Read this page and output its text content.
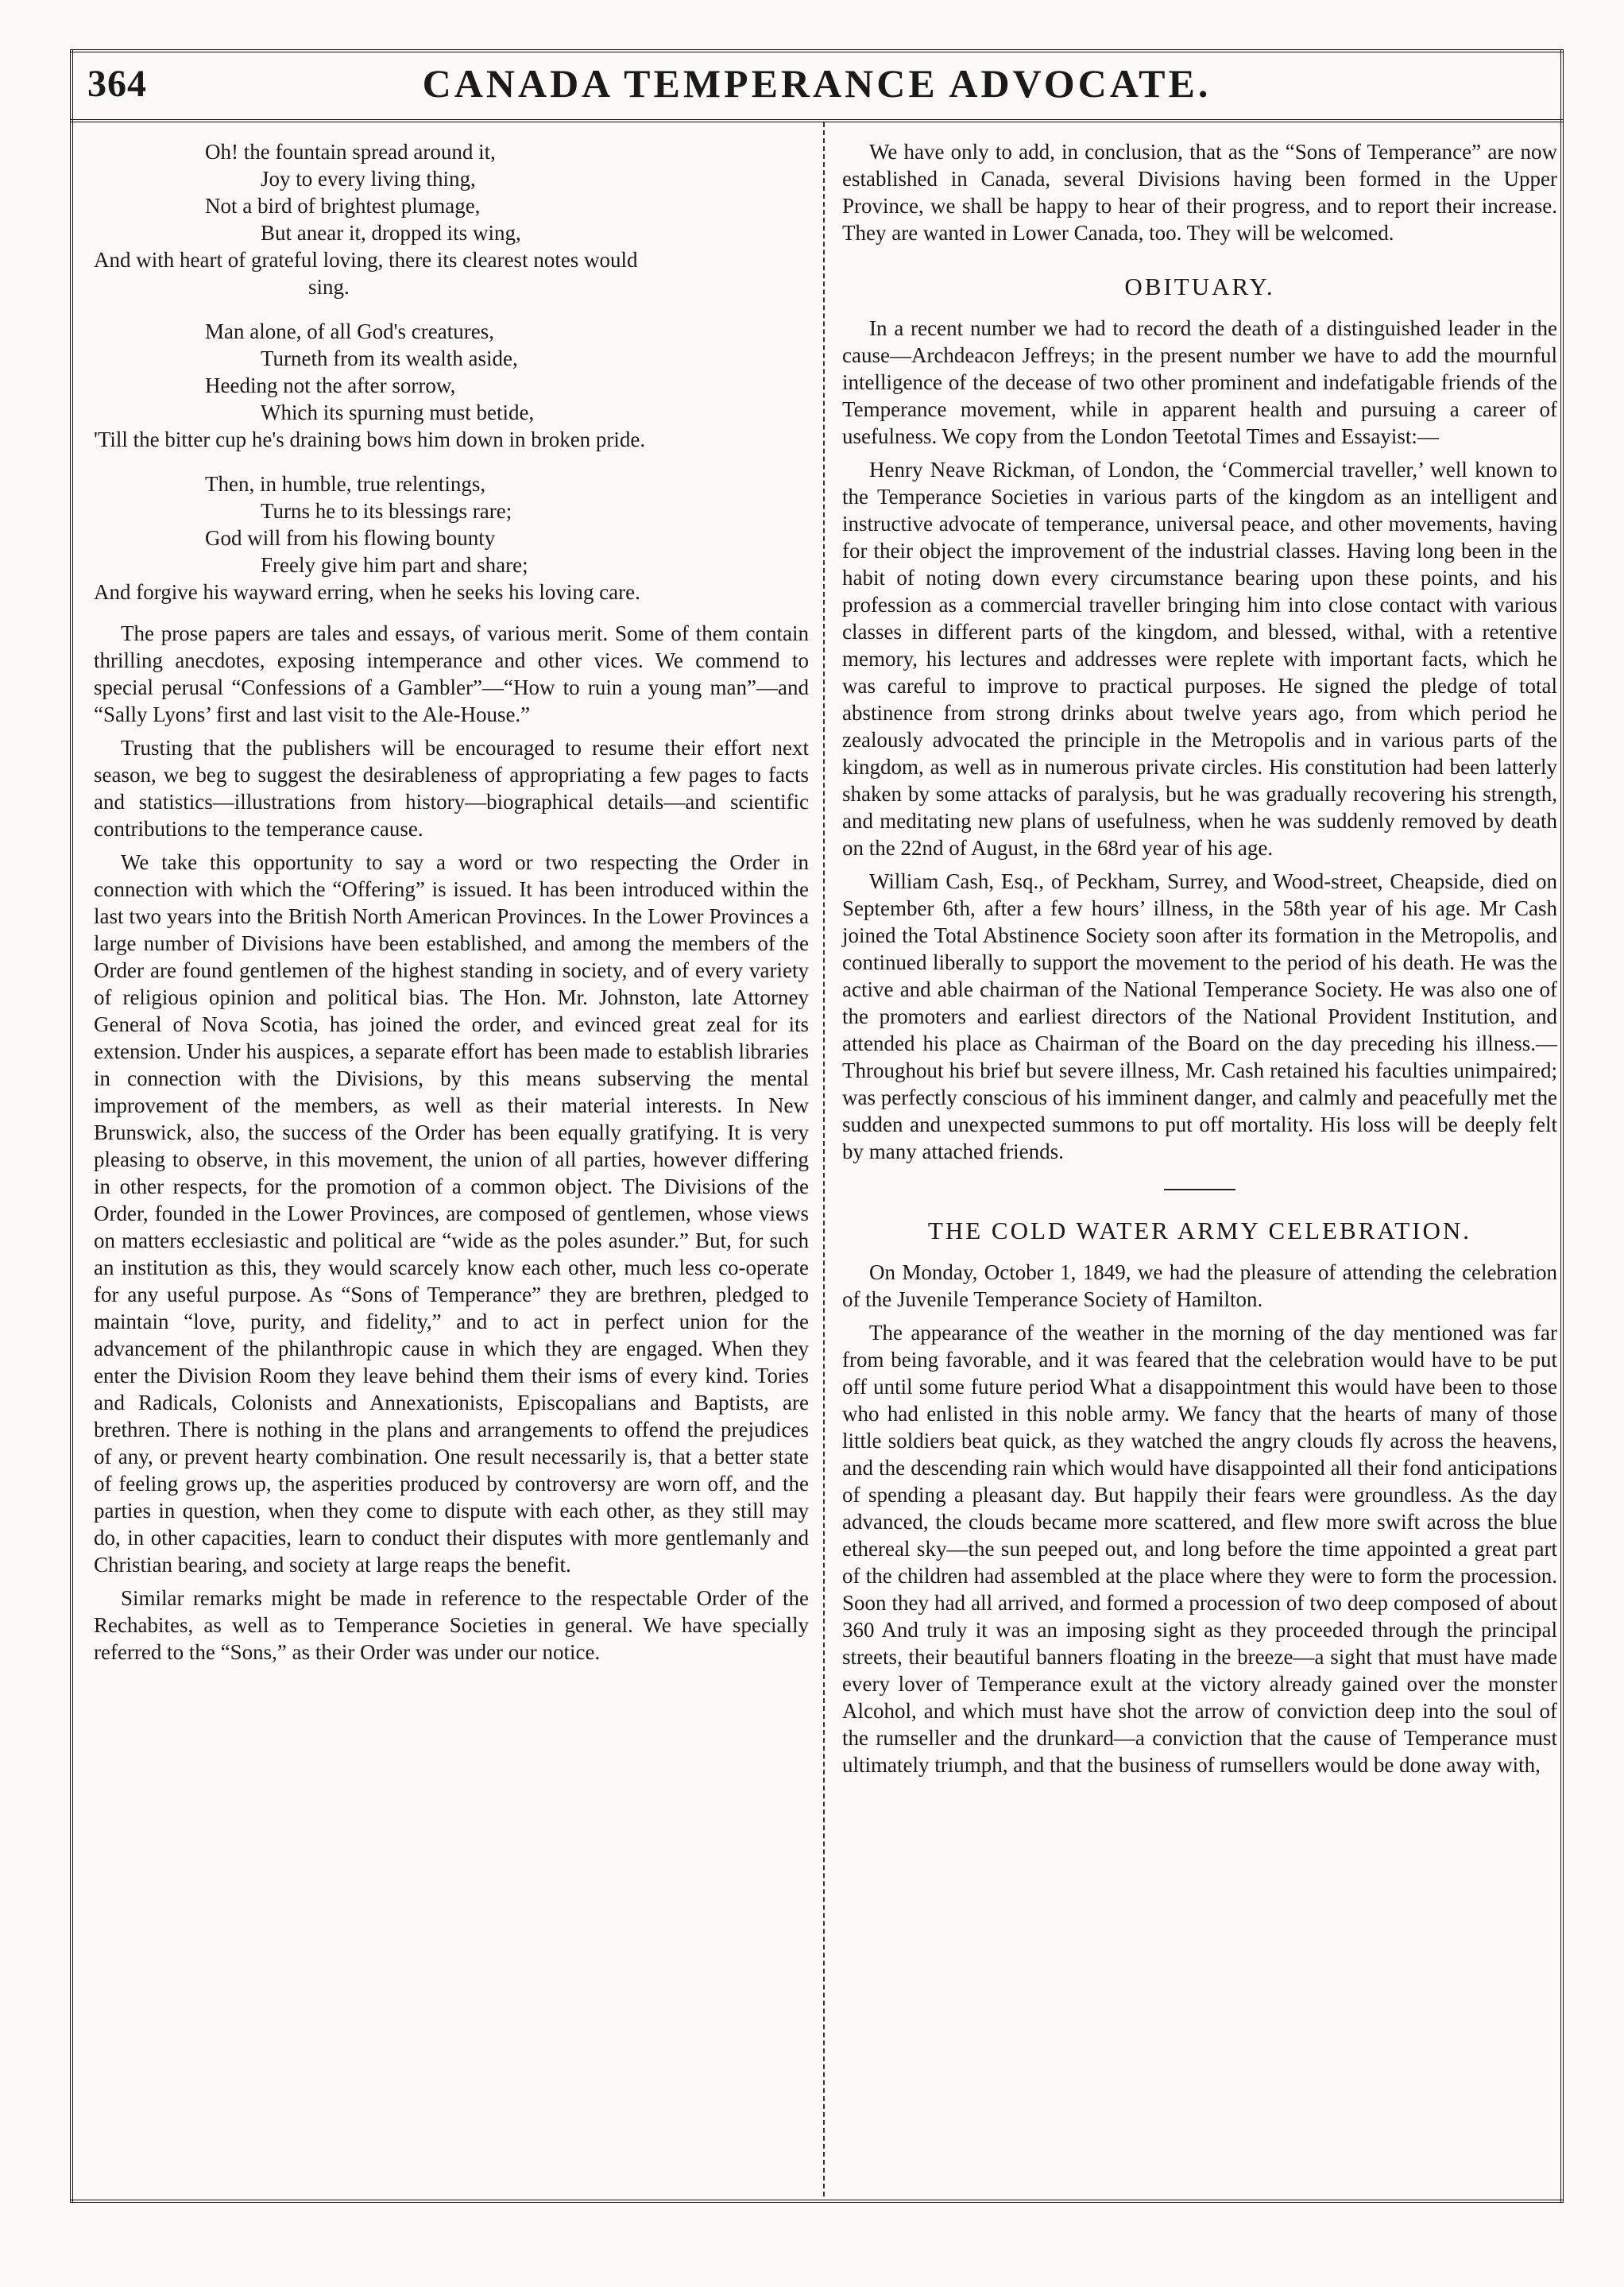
364	CANADA TEMPERANCE ADVOCATE.
Oh! the fountain spread around it,
Joy to every living thing,
Not a bird of brightest plumage,
But anear it, dropped its wing,
And with heart of grateful loving, there its clearest notes would
sing.
Man alone, of all God's creatures,
Turneth from its wealth aside,
Heeding not the after sorrow,
Which its spurning must betide,
'Till the bitter cup he's draining bows him down in broken pride.
Then, in humble, true relentings,
Turns he to its blessings rare;
God will from his flowing bounty
Freely give him part and share;
And forgive his wayward erring, when he seeks his loving care.

The prose papers are tales and essays, of various merit. Some of them contain thrilling anecdotes, exposing intemperance and other vices. We commend to special perusal “Confessions of a Gambler”—“How to ruin a young man”—and “Sally Lyons’ first and last visit to the Ale-House.”

Trusting that the publishers will be encouraged to resume their effort next season, we beg to suggest the desirableness of appropriating a few pages to facts and statistics—illustrations from history—biographical details—and scientific contributions to the temperance cause.

We take this opportunity to say a word or two respecting the Order in connection with which the “Offering” is issued. It has been introduced within the last two years into the British North American Provinces. In the Lower Provinces a large number of Divisions have been established, and among the members of the Order are found gentlemen of the highest standing in society, and of every variety of religious opinion and political bias. The Hon. Mr. Johnston, late Attorney General of Nova Scotia, has joined the order, and evinced great zeal for its extension. Under his auspices, a separate effort has been made to establish libraries in connection with the Divisions, by this means subserving the mental improvement of the members, as well as their material interests. In New Brunswick, also, the success of the Order has been equally gratifying. It is very pleasing to observe, in this movement, the union of all parties, however differing in other respects, for the promotion of a common object. The Divisions of the Order, founded in the Lower Provinces, are composed of gentlemen, whose views on matters ecclesiastic and political are “wide as the poles asunder.” But, for such an institution as this, they would scarcely know each other, much less co-operate for any useful purpose. As “Sons of Temperance” they are brethren, pledged to maintain “love, purity, and fidelity,” and to act in perfect union for the advancement of the philanthropic cause in which they are engaged. When they enter the Division Room they leave behind them their isms of every kind. Tories and Radicals, Colonists and Annexationists, Episcopalians and Baptists, are brethren. There is nothing in the plans and arrangements to offend the prejudices of any, or prevent hearty combination. One result necessarily is, that a better state of feeling grows up, the asperities produced by controversy are worn off, and the parties in question, when they come to dispute with each other, as they still may do, in other capacities, learn to conduct their disputes with more gentlemanly and Christian bearing, and society at large reaps the benefit.

Similar remarks might be made in reference to the respectable Order of the Rechabites, as well as to Temperance Societies in general. We have specially referred to the “Sons,” as their Order was under our notice.

We have only to add, in conclusion, that as the “Sons of Temperance” are now established in Canada, several Divisions having been formed in the Upper Province, we shall be happy to hear of their progress, and to report their increase. They are wanted in Lower Canada, too. They will be welcomed.

OBITUARY.

In a recent number we had to record the death of a distinguished leader in the cause—Archdeacon Jeffreys; in the present number we have to add the mournful intelligence of the decease of two other prominent and indefatigable friends of the Temperance movement, while in apparent health and pursuing a career of usefulness. We copy from the London Teetotal Times and Essayist:—

Henry Neave Rickman, of London, the ‘Commercial traveller,’ well known to the Temperance Societies in various parts of the kingdom as an intelligent and instructive advocate of temperance, universal peace, and other movements, having for their object the improvement of the industrial classes. Having long been in the habit of noting down every circumstance bearing upon these points, and his profession as a commercial traveller bringing him into close contact with various classes in different parts of the kingdom, and blessed, withal, with a retentive memory, his lectures and addresses were replete with important facts, which he was careful to improve to practical purposes. He signed the pledge of total abstinence from strong drinks about twelve years ago, from which period he zealously advocated the principle in the Metropolis and in various parts of the kingdom, as well as in numerous private circles. His constitution had been latterly shaken by some attacks of paralysis, but he was gradually recovering his strength, and meditating new plans of usefulness, when he was suddenly removed by death on the 22nd of August, in the 68rd year of his age.

William Cash, Esq., of Peckham, Surrey, and Wood-street, Cheapside, died on September 6th, after a few hours’ illness, in the 58th year of his age. Mr Cash joined the Total Abstinence Society soon after its formation in the Metropolis, and continued liberally to support the movement to the period of his death. He was the active and able chairman of the National Temperance Society. He was also one of the promoters and earliest directors of the National Provident Institution, and attended his place as Chairman of the Board on the day preceding his illness.—Throughout his brief but severe illness, Mr. Cash retained his faculties unimpaired; was perfectly conscious of his imminent danger, and calmly and peacefully met the sudden and unexpected summons to put off mortality. His loss will be deeply felt by many attached friends.

THE COLD WATER ARMY CELEBRATION.

On Monday, October 1, 1849, we had the pleasure of attending the celebration of the Juvenile Temperance Society of Hamilton.

The appearance of the weather in the morning of the day mentioned was far from being favorable, and it was feared that the celebration would have to be put off until some future period What a disappointment this would have been to those who had enlisted in this noble army. We fancy that the hearts of many of those little soldiers beat quick, as they watched the angry clouds fly across the heavens, and the descending rain which would have disappointed all their fond anticipations of spending a pleasant day. But happily their fears were groundless. As the day advanced, the clouds became more scattered, and flew more swift across the blue ethereal sky—the sun peeped out, and long before the time appointed a great part of the children had assembled at the place where they were to form the procession. Soon they had all arrived, and formed a procession of two deep composed of about 360 And truly it was an imposing sight as they proceeded through the principal streets, their beautiful banners floating in the breeze—a sight that must have made every lover of Temperance exult at the victory already gained over the monster Alcohol, and which must have shot the arrow of conviction deep into the soul of the rumseller and the drunkard—a conviction that the cause of Temperance must ultimately triumph, and that the business of rumsellers would be done away with,
